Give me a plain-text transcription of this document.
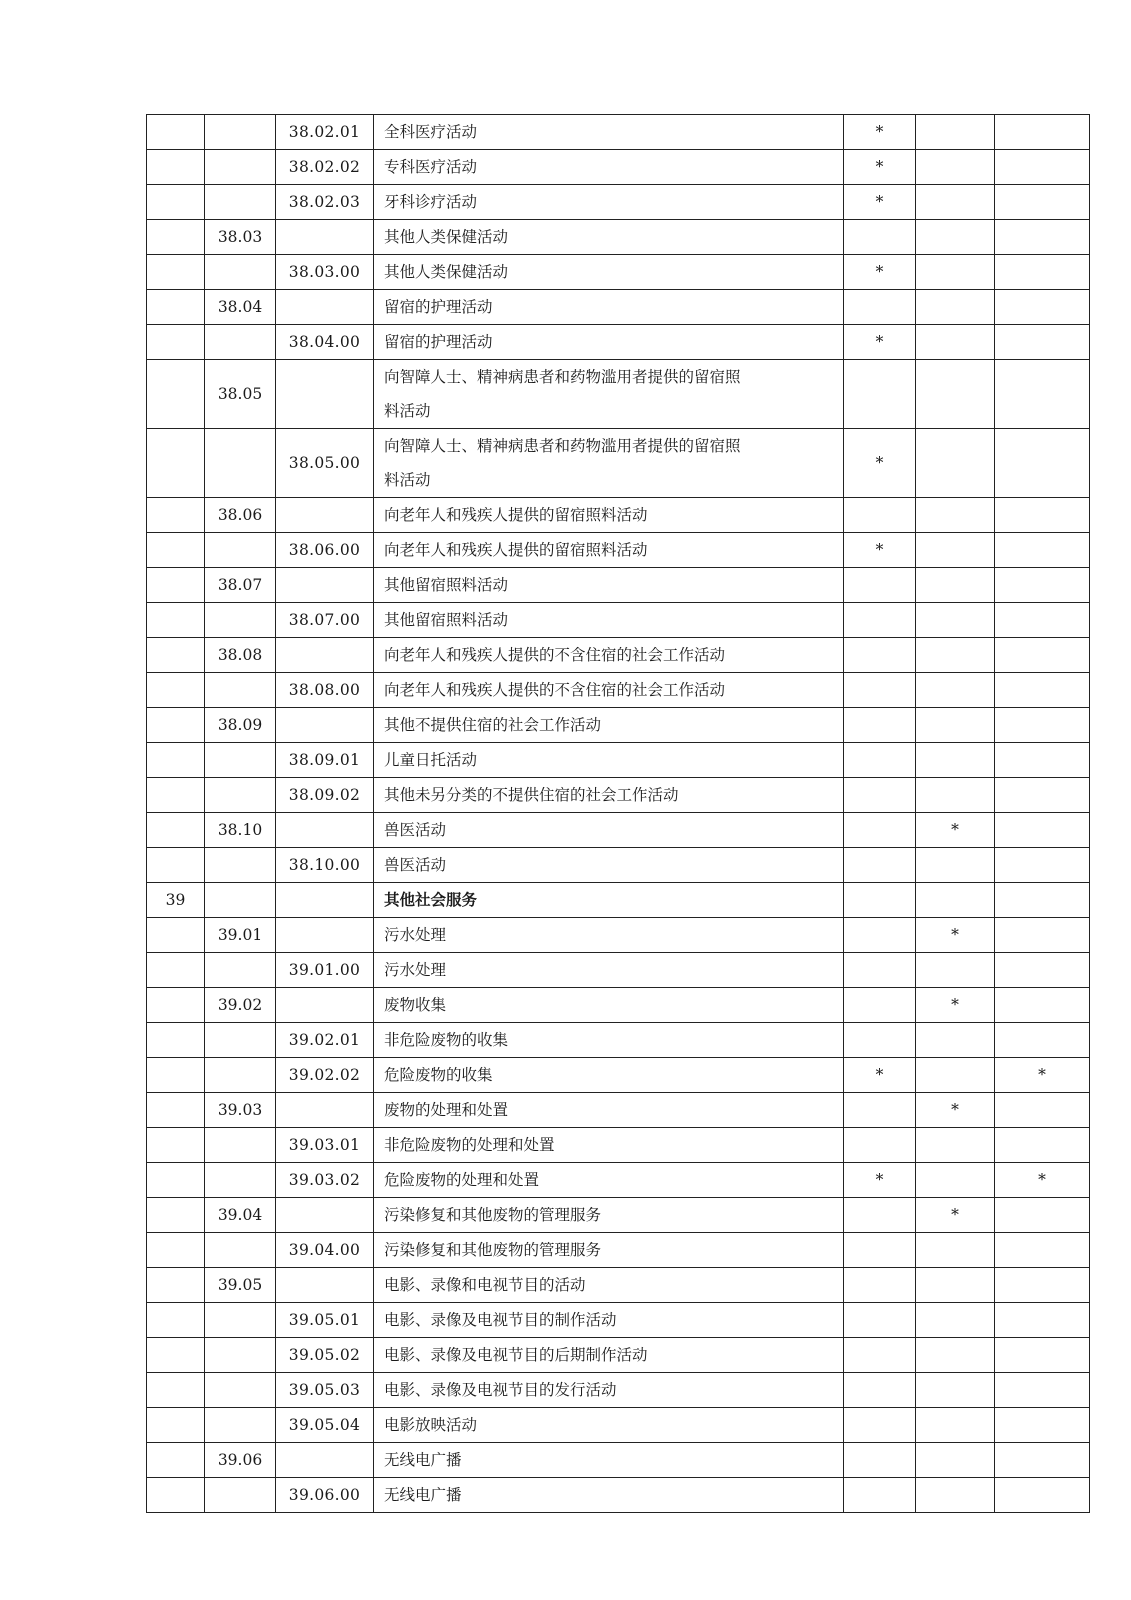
		38.02.01	全科医疗活动	*		
		38.02.02	专科医疗活动	*		
		38.02.03	牙科诊疗活动	*		
	38.03		其他人类保健活动			
		38.03.00	其他人类保健活动	*		
	38.04		留宿的护理活动			
		38.04.00	留宿的护理活动	*		
	38.05		向智障人士、精神病患者和药物滥用者提供的留宿照
料活动			
		38.05.00	向智障人士、精神病患者和药物滥用者提供的留宿照
料活动	*		
	38.06		向老年人和残疾人提供的留宿照料活动			
		38.06.00	向老年人和残疾人提供的留宿照料活动	*		
	38.07		其他留宿照料活动			
		38.07.00	其他留宿照料活动			
	38.08		向老年人和残疾人提供的不含住宿的社会工作活动			
		38.08.00	向老年人和残疾人提供的不含住宿的社会工作活动			
	38.09		其他不提供住宿的社会工作活动			
		38.09.01	儿童日托活动			
		38.09.02	其他未另分类的不提供住宿的社会工作活动			
	38.10		兽医活动		*	
		38.10.00	兽医活动			
39			其他社会服务			
	39.01		污水处理		*	
		39.01.00	污水处理			
	39.02		废物收集		*	
		39.02.01	非危险废物的收集			
		39.02.02	危险废物的收集	*		*
	39.03		废物的处理和处置		*	
		39.03.01	非危险废物的处理和处置			
		39.03.02	危险废物的处理和处置	*		*
	39.04		污染修复和其他废物的管理服务		*	
		39.04.00	污染修复和其他废物的管理服务			
	39.05		电影、录像和电视节目的活动			
		39.05.01	电影、录像及电视节目的制作活动			
		39.05.02	电影、录像及电视节目的后期制作活动			
		39.05.03	电影、录像及电视节目的发行活动			
		39.05.04	电影放映活动			
	39.06		无线电广播			
		39.06.00	无线电广播			
